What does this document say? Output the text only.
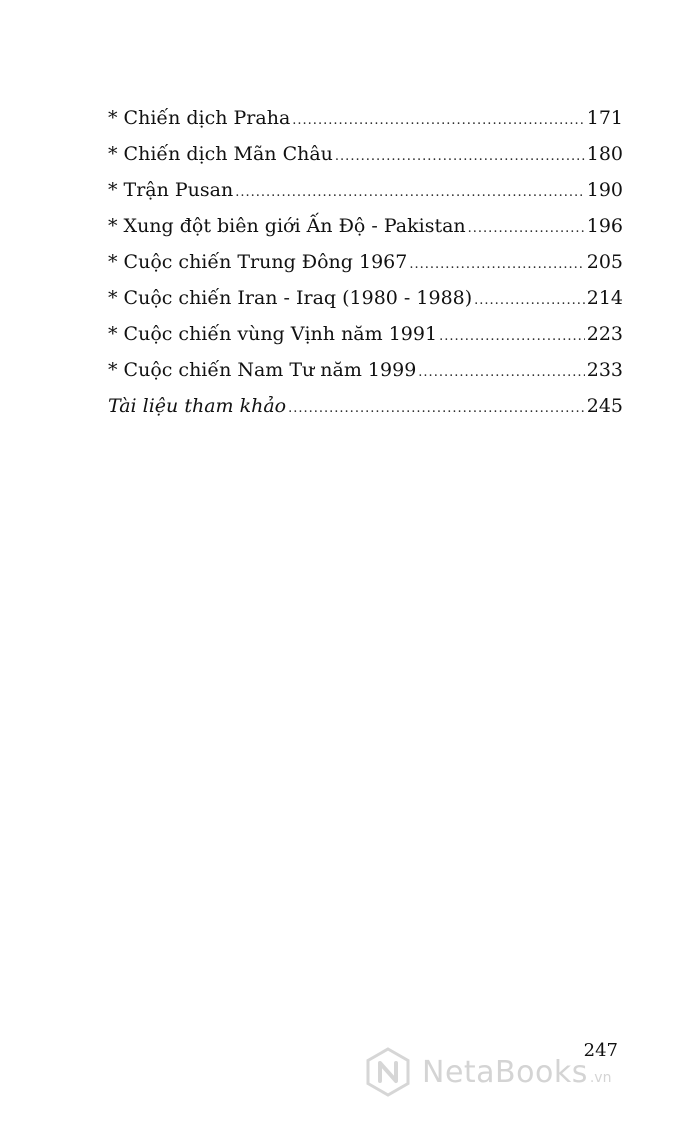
* Chiến dịch Praha .....	171
* Chiến dịch Mãn Châu .....	180
* Trận Pusan .....	190
* Xung đột biên giới Ấn Độ - Pakistan .....	196
* Cuộc chiến Trung Đông 1967 .....	205
* Cuộc chiến Iran - Iraq (1980 - 1988) .....	214
* Cuộc chiến vùng Vịnh năm 1991 .....	223
* Cuộc chiến Nam Tư năm 1999 .....	233
Tài liệu tham khảo .....	245
247
NetaBooks .vn
